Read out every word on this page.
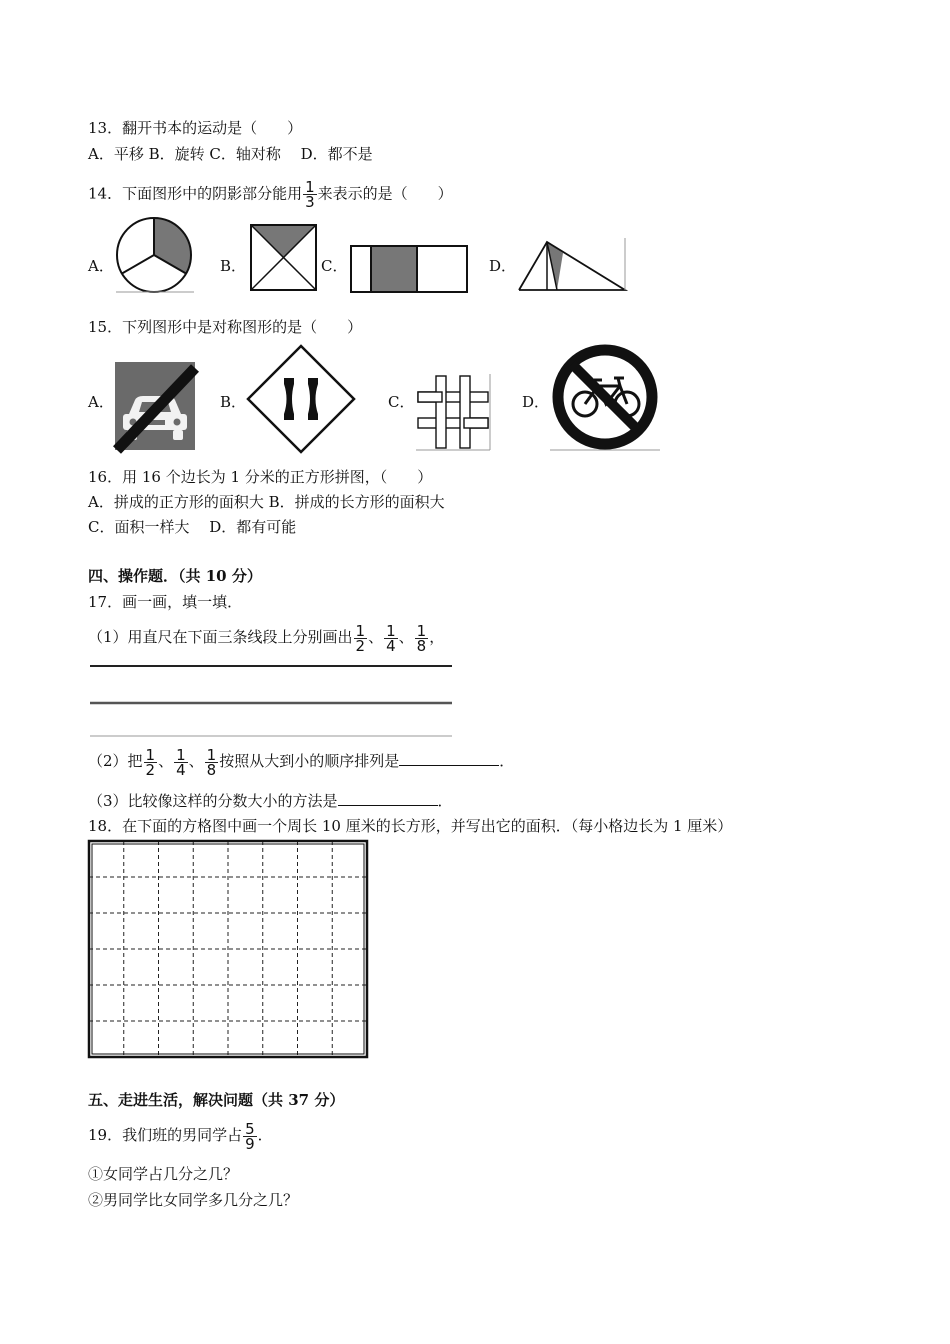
13．翻开书本的运动是（　　）
A．平移 B．旋转 C．轴对称　 D．都不是
14．下面图形中的阴影部分能用 $\frac{1}{3}$ 来表示的是（　　）
A．	B．	C．	D．
15．下列图形中是对称图形的是（　　）
A．	B．	C．	D．
16．用 16 个边长为 1 分米的正方形拼图，（　　）
A．拼成的正方形的面积大 B．拼成的长方形的面积大
C．面积一样大　 D．都有可能
四、操作题．（共 10 分）
17．画一画，填一填．
（1）用直尺在下面三条线段上分别画出 $\frac{1}{2}$ 、 $\frac{1}{4}$ 、 $\frac{1}{8}$ ，
（2）把 $\frac{1}{2}$ 、 $\frac{1}{4}$ 、 $\frac{1}{8}$ 按照从大到小的顺序排列是	．
（3）比较像这样的分数大小的方法是	．
18．在下面的方格图中画一个周长 10 厘米的长方形，并写出它的面积．（每小格边长为 1 厘米）
五、走进生活，解决问题（共 37 分）
19．我们班的男同学占 $\frac{5}{9}$ ．
①女同学占几分之几？
②男同学比女同学多几分之几？
